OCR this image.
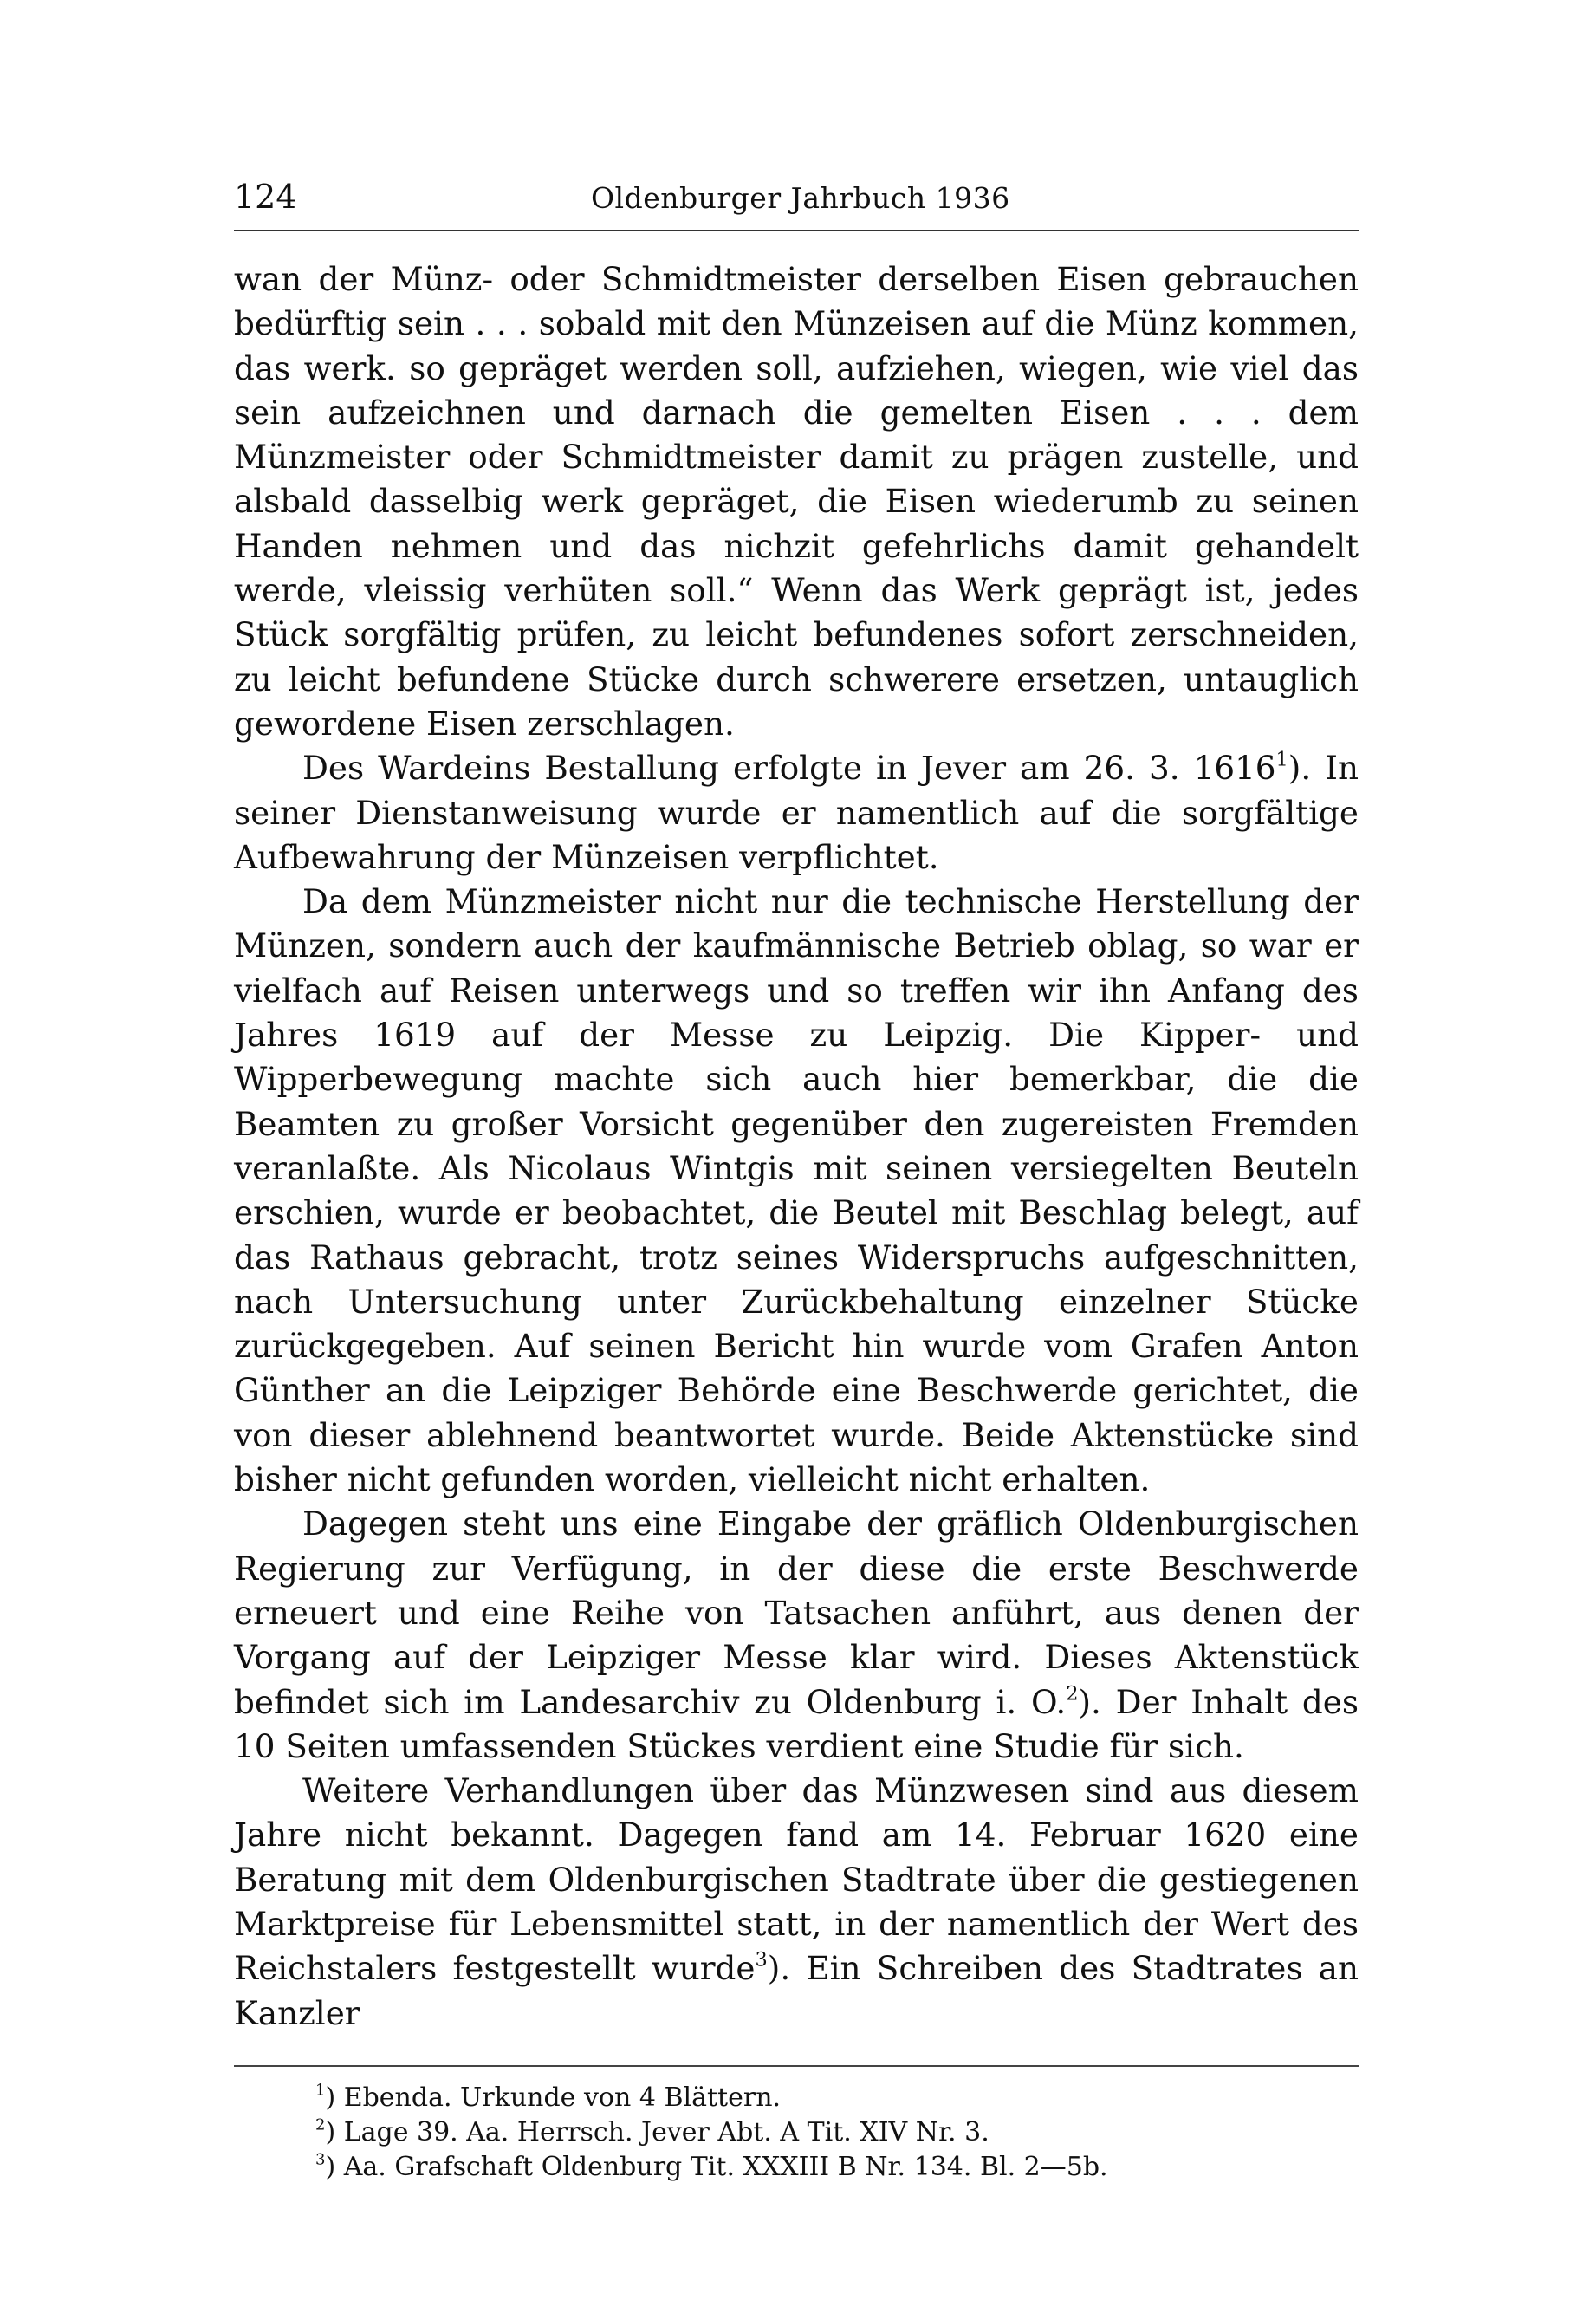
124	Oldenburger Jahrbuch 1936

wan der Münz- oder Schmidtmeister derselben Eisen gebrauchen bedürftig sein . . . sobald mit den Münzeisen auf die Münz kommen, das werk. so gepräget werden soll, aufziehen, wiegen, wie viel das sein aufzeichnen und darnach die gemelten Eisen . . . dem Münzmeister oder Schmidtmeister damit zu prägen zustelle, und alsbald dasselbig werk gepräget, die Eisen wiederumb zu seinen Handen nehmen und das nichzit gefehrlichs damit gehandelt werde, vleissig verhüten soll.“ Wenn das Werk geprägt ist, jedes Stück sorgfältig prüfen, zu leicht befundenes sofort zerschneiden, zu leicht befundene Stücke durch schwerere ersetzen, untauglich gewordene Eisen zerschlagen.

Des Wardeins Bestallung erfolgte in Jever am 26. 3. 1616$^1$). In seiner Dienstanweisung wurde er namentlich auf die sorgfältige Aufbewahrung der Münzeisen verpflichtet.

Da dem Münzmeister nicht nur die technische Herstellung der Münzen, sondern auch der kaufmännische Betrieb oblag, so war er vielfach auf Reisen unterwegs und so treffen wir ihn Anfang des Jahres 1619 auf der Messe zu Leipzig. Die Kipper- und Wipperbewegung machte sich auch hier bemerkbar, die die Beamten zu großer Vorsicht gegenüber den zugereisten Fremden veranlaßte. Als Nicolaus Wintgis mit seinen versiegelten Beuteln erschien, wurde er beobachtet, die Beutel mit Beschlag belegt, auf das Rathaus gebracht, trotz seines Widerspruchs aufgeschnitten, nach Untersuchung unter Zurückbehaltung einzelner Stücke zurückgegeben. Auf seinen Bericht hin wurde vom Grafen Anton Günther an die Leipziger Behörde eine Beschwerde gerichtet, die von dieser ablehnend beantwortet wurde. Beide Aktenstücke sind bisher nicht gefunden worden, vielleicht nicht erhalten.

Dagegen steht uns eine Eingabe der gräflich Oldenburgischen Regierung zur Verfügung, in der diese die erste Beschwerde erneuert und eine Reihe von Tatsachen anführt, aus denen der Vorgang auf der Leipziger Messe klar wird. Dieses Aktenstück befindet sich im Landesarchiv zu Oldenburg i. O.$^2$). Der Inhalt des 10 Seiten umfassenden Stückes verdient eine Studie für sich.

Weitere Verhandlungen über das Münzwesen sind aus diesem Jahre nicht bekannt. Dagegen fand am 14. Februar 1620 eine Beratung mit dem Oldenburgischen Stadtrate über die gestiegenen Marktpreise für Lebensmittel statt, in der namentlich der Wert des Reichstalers festgestellt wurde$^3$). Ein Schreiben des Stadtrates an Kanzler

$^1$) Ebenda. Urkunde von 4 Blättern.
$^2$) Lage 39. Aa. Herrsch. Jever Abt. A Tit. XIV Nr. 3.
$^3$) Aa. Grafschaft Oldenburg Tit. XXXIII B Nr. 134. Bl. 2—5b.
